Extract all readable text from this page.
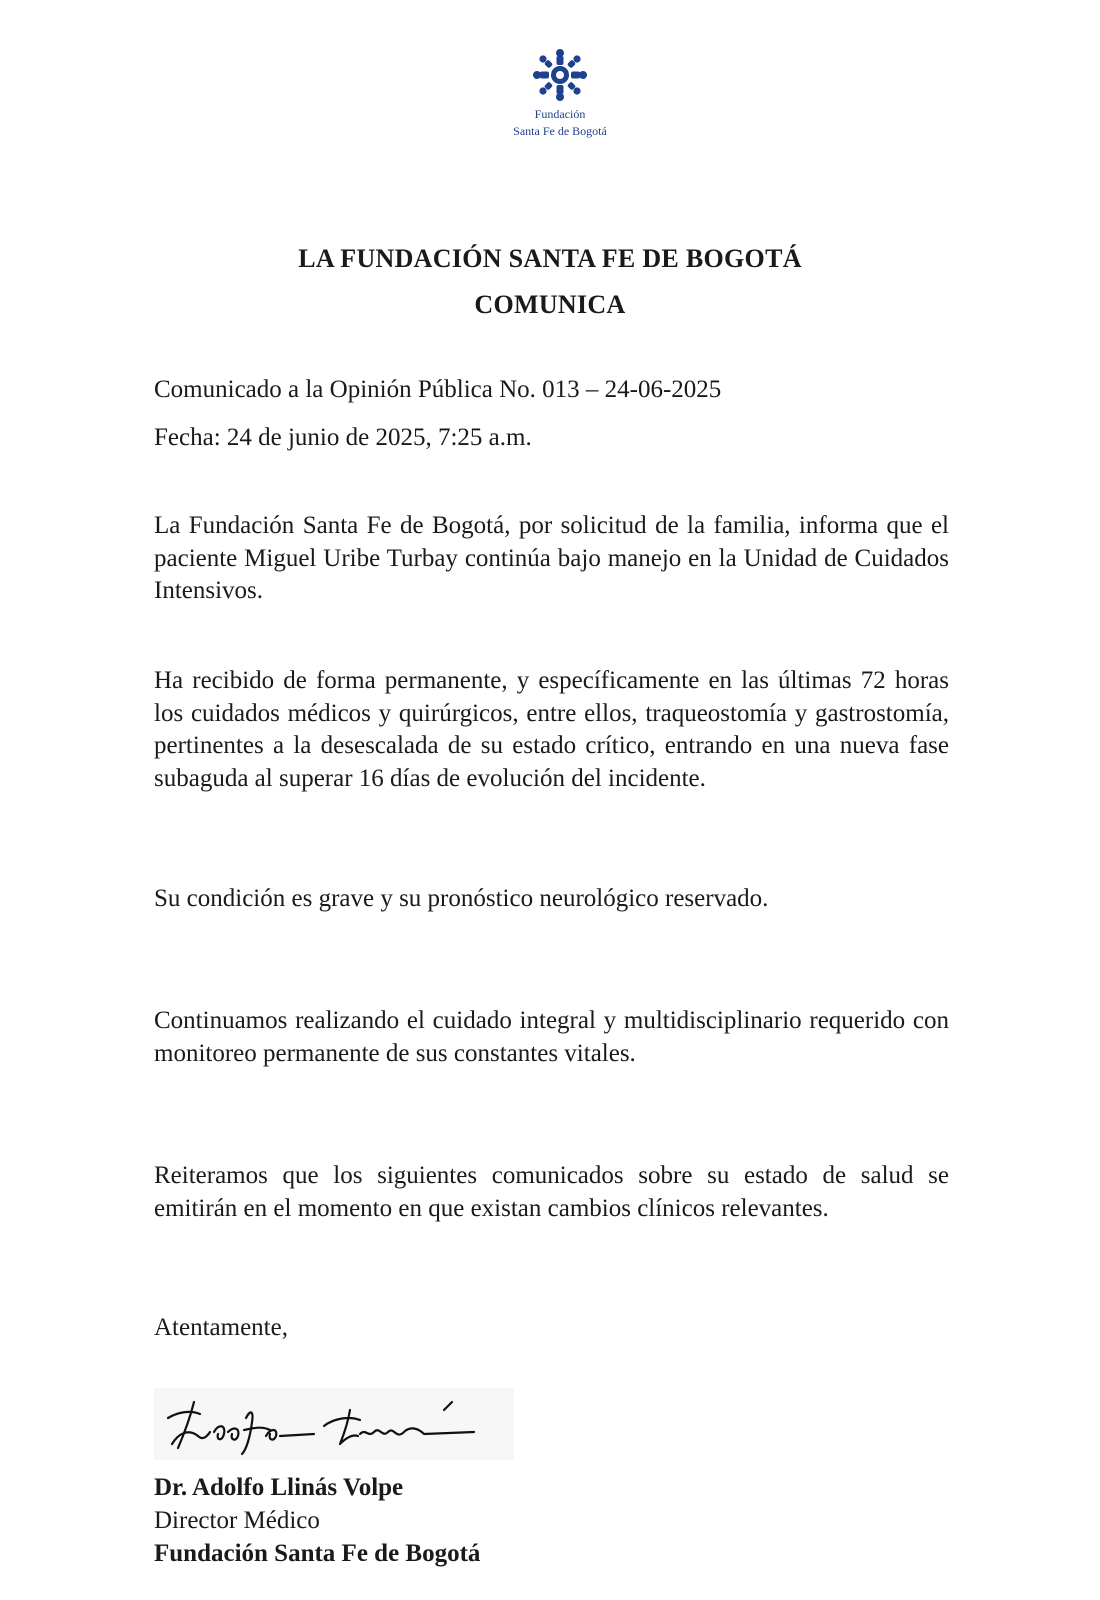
Fundación
Santa Fe de Bogotá
LA FUNDACIÓN SANTA FE DE BOGOTÁ
COMUNICA
Comunicado a la Opinión Pública No. 013 – 24-06-2025
Fecha: 24 de junio de 2025, 7:25 a.m.
La Fundación Santa Fe de Bogotá, por solicitud de la familia, informa que el paciente Miguel Uribe Turbay continúa bajo manejo en la Unidad de Cuidados Intensivos.
Ha recibido de forma permanente, y específicamente en las últimas 72 horas los cuidados médicos y quirúrgicos, entre ellos, traqueostomía y gastrostomía, pertinentes a la desescalada de su estado crítico, entrando en una nueva fase subaguda al superar 16 días de evolución del incidente.
Su condición es grave y su pronóstico neurológico reservado.
Continuamos realizando el cuidado integral y multidisciplinario requerido con monitoreo permanente de sus constantes vitales.
Reiteramos que los siguientes comunicados sobre su estado de salud se emitirán en el momento en que existan cambios clínicos relevantes.
Atentamente,
Dr. Adolfo Llinás Volpe
Director Médico
Fundación Santa Fe de Bogotá
